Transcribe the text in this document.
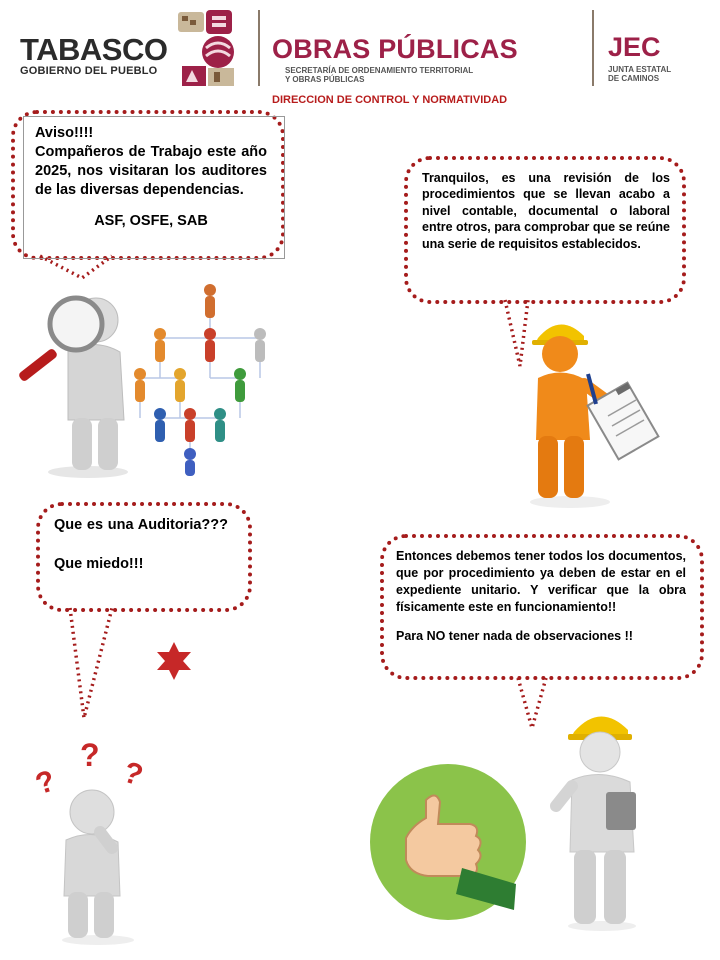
TABASCO
GOBIERNO DEL PUEBLO
OBRAS PÚBLICAS
SECRETARÍA DE ORDENAMIENTO TERRITORIAL
Y OBRAS PÚBLICAS
JEC
JUNTA ESTATAL
DE CAMINOS
DIRECCION DE CONTROL Y NORMATIVIDAD

Aviso!!!!

Compañeros de Trabajo este año 2025, nos visitaran los auditores de las diversas dependencias.

ASF, OSFE, SAB

Tranquilos, es una revisión de los procedimientos que se llevan acabo a nivel contable, documental o laboral entre otros, para comprobar que se reúne una serie de requisitos establecidos.

Que es una Auditoria???

Que miedo!!!	Entonces debemos tener todos los documentos, que por procedimiento ya deben de estar en el expediente unitario. Y verificar que la obra físicamente este en funcionamiento!!

Para NO tener nada de observaciones !!

?
?
?
